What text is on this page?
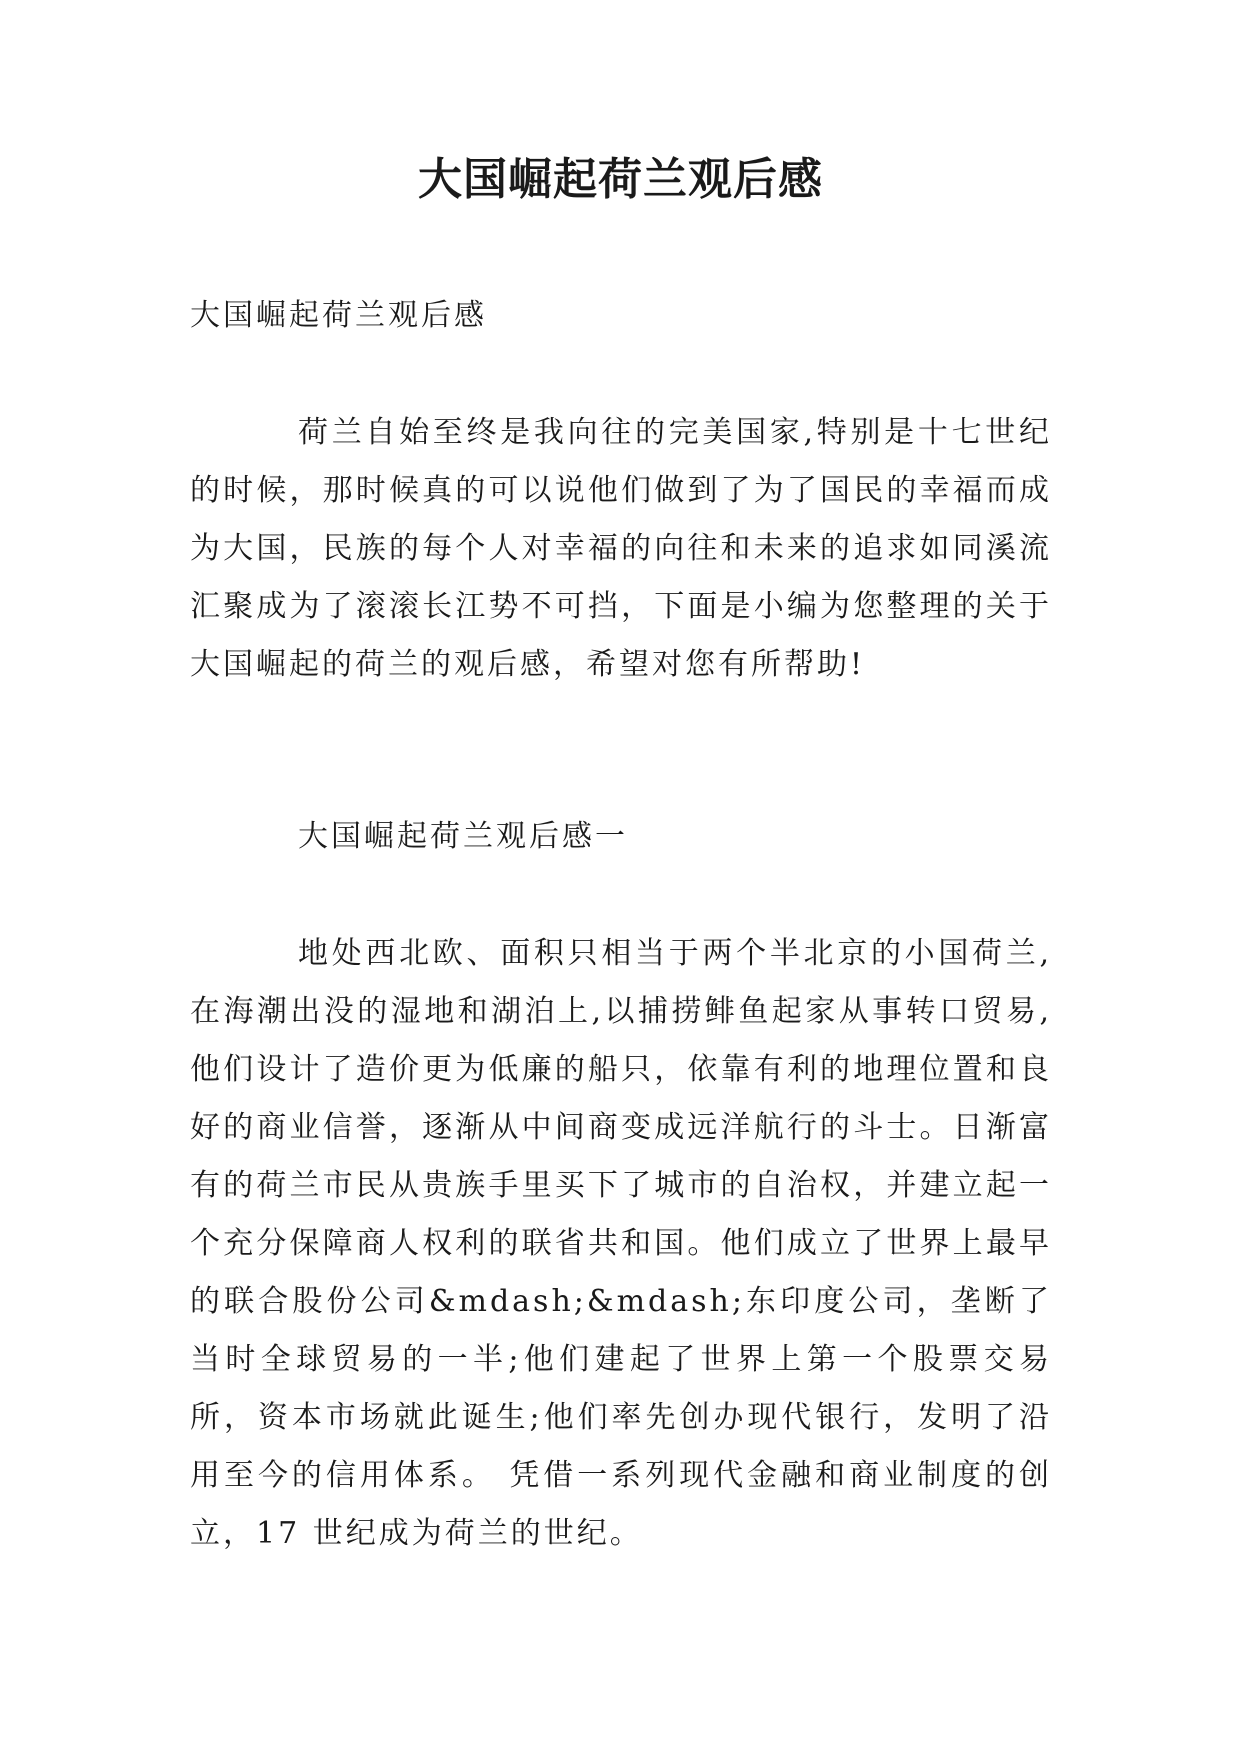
大国崛起荷兰观后感

大国崛起荷兰观后感

荷兰自始至终是我向往的完美国家,特别是十七世纪的时候，那时候真的可以说他们做到了为了国民的幸福而成为大国，民族的每个人对幸福的向往和未来的追求如同溪流汇聚成为了滚滚长江势不可挡，下面是小编为您整理的关于大国崛起的荷兰的观后感，希望对您有所帮助!

大国崛起荷兰观后感一

地处西北欧、面积只相当于两个半北京的小国荷兰,在海潮出没的湿地和湖泊上,以捕捞鲱鱼起家从事转口贸易,他们设计了造价更为低廉的船只，依靠有利的地理位置和良好的商业信誉，逐渐从中间商变成远洋航行的斗士。日渐富有的荷兰市民从贵族手里买下了城市的自治权，并建立起一个充分保障商人权利的联省共和国。他们成立了世界上最早的联合股份公司&mdash;&mdash;东印度公司，垄断了当时全球贸易的一半;他们建起了世界上第一个股票交易所，资本市场就此诞生;他们率先创办现代银行，发明了沿用至今的信用体系。 凭借一系列现代金融和商业制度的创立，17 世纪成为荷兰的世纪。
